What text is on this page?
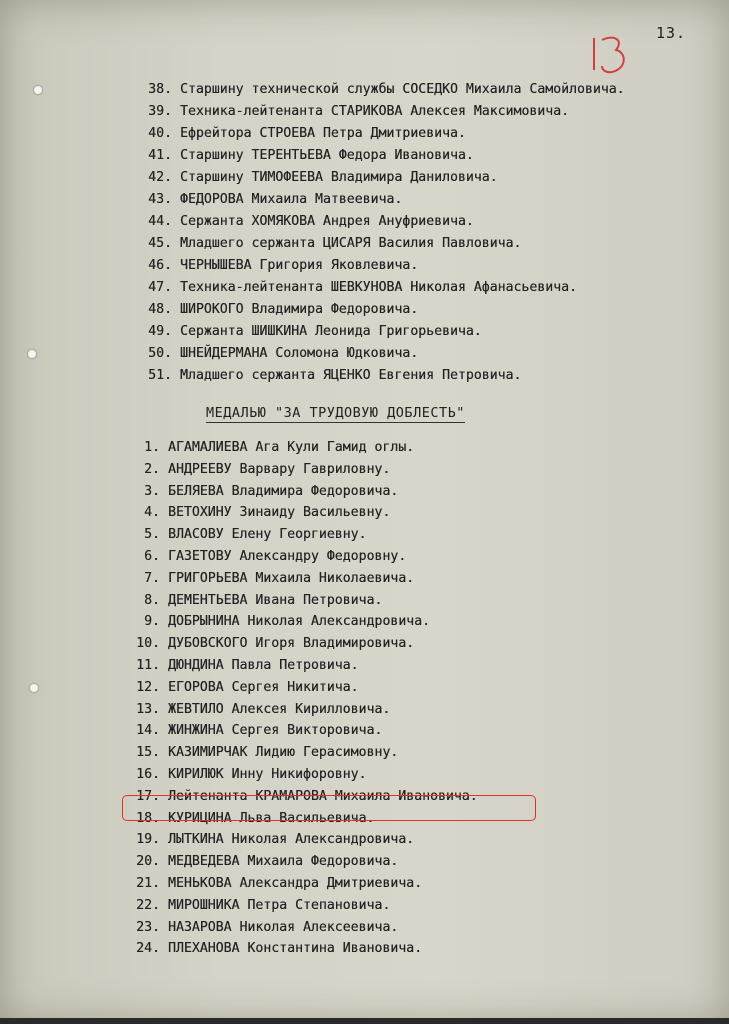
13.
38. Старшину технической службы СОСЕДКО Михаила Самойловича.
39. Техника-лейтенанта СТАРИКОВА Алексея Максимовича.
40. Ефрейтора СТРОЕВА Петра Дмитриевича.
41. Старшину ТЕРЕНТЬЕВА Федора Ивановича.
42. Старшину ТИМОФЕЕВА Владимира Даниловича.
43. ФЕДОРОВА Михаила Матвеевича.
44. Сержанта ХОМЯКОВА Андрея Ануфриевича.
45. Младшего сержанта ЦИСАРЯ Василия Павловича.
46. ЧЕРНЫШЕВА Григория Яковлевича.
47. Техника-лейтенанта ШЕВКУНОВА Николая Афанасьевича.
48. ШИРОКОГО Владимира Федоровича.
49. Сержанта ШИШКИНА Леонида Григорьевича.
50. ШНЕЙДЕРМАНА Соломона Юдковича.
51. Младшего сержанта ЯЦЕНКО Евгения Петровича.
МЕДАЛЬЮ "ЗА ТРУДОВУЮ ДОБЛЕСТЬ"
1. АГАМАЛИЕВА Ага Кули Гамид оглы.
2. АНДРЕЕВУ Варвару Гавриловну.
3. БЕЛЯЕВА Владимира Федоровича.
4. ВЕТОХИНУ Зинаиду Васильевну.
5. ВЛАСОВУ Елену Георгиевну.
6. ГАЗЕТОВУ Александру Федоровну.
7. ГРИГОРЬЕВА Михаила Николаевича.
8. ДЕМЕНТЬЕВА Ивана Петровича.
9. ДОБРЫНИНА Николая Александровича.
10. ДУБОВСКОГО Игоря Владимировича.
11. ДЮНДИНА Павла Петровича.
12. ЕГОРОВА Сергея Никитича.
13. ЖЕВТИЛО Алексея Кирилловича.
14. ЖИНЖИНА Сергея Викторовича.
15. КАЗИМИРЧАК Лидию Герасимовну.
16. КИРИЛЮК Инну Никифоровну.
17. Лейтенанта КРАМАРОВА Михаила Ивановича.
18. КУРИЦИНА Льва Васильевича.
19. ЛЫТКИНА Николая Александровича.
20. МЕДВЕДЕВА Михаила Федоровича.
21. МЕНЬКОВА Александра Дмитриевича.
22. МИРОШНИКА Петра Степановича.
23. НАЗАРОВА Николая Алексеевича.
24. ПЛЕХАНОВА Константина Ивановича.
